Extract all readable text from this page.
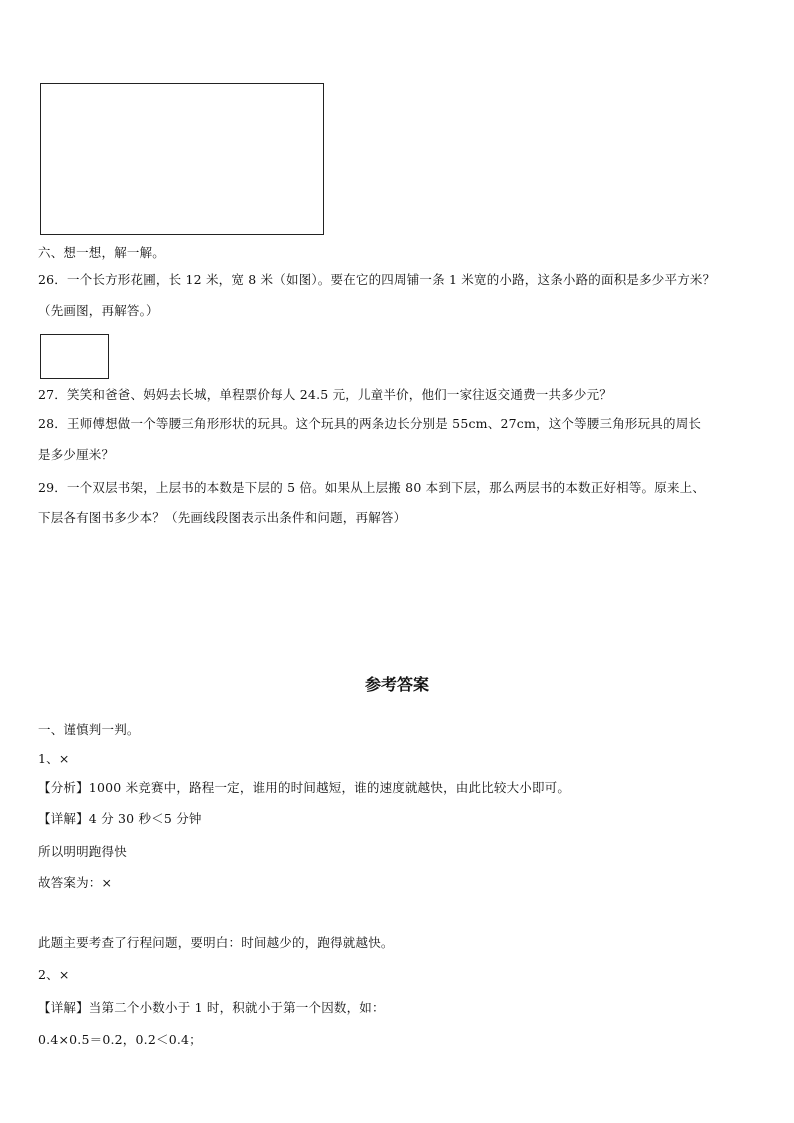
六、想一想，解一解。

26．一个长方形花圃，长 12 米，宽 8 米（如图）。要在它的四周铺一条 1 米宽的小路，这条小路的面积是多少平方米？

（先画图，再解答。）

27．笑笑和爸爸、妈妈去长城，单程票价每人 24.5 元，儿童半价，他们一家往返交通费一共多少元？

28．王师傅想做一个等腰三角形形状的玩具。这个玩具的两条边长分别是 55cm、27cm，这个等腰三角形玩具的周长

是多少厘米？

29．一个双层书架，上层书的本数是下层的 5 倍。如果从上层搬 80 本到下层，那么两层书的本数正好相等。原来上、

下层各有图书多少本？（先画线段图表示出条件和问题，再解答）

参考答案

一、谨慎判一判。

1、×

【分析】1000 米竞赛中，路程一定，谁用的时间越短，谁的速度就越快，由此比较大小即可。

【详解】4 分 30 秒＜5 分钟

所以明明跑得快

故答案为：×

此题主要考查了行程问题，要明白：时间越少的，跑得就越快。

2、×

【详解】当第二个小数小于 1 时，积就小于第一个因数，如：

0.4×0.5＝0.2，0.2＜0.4；
